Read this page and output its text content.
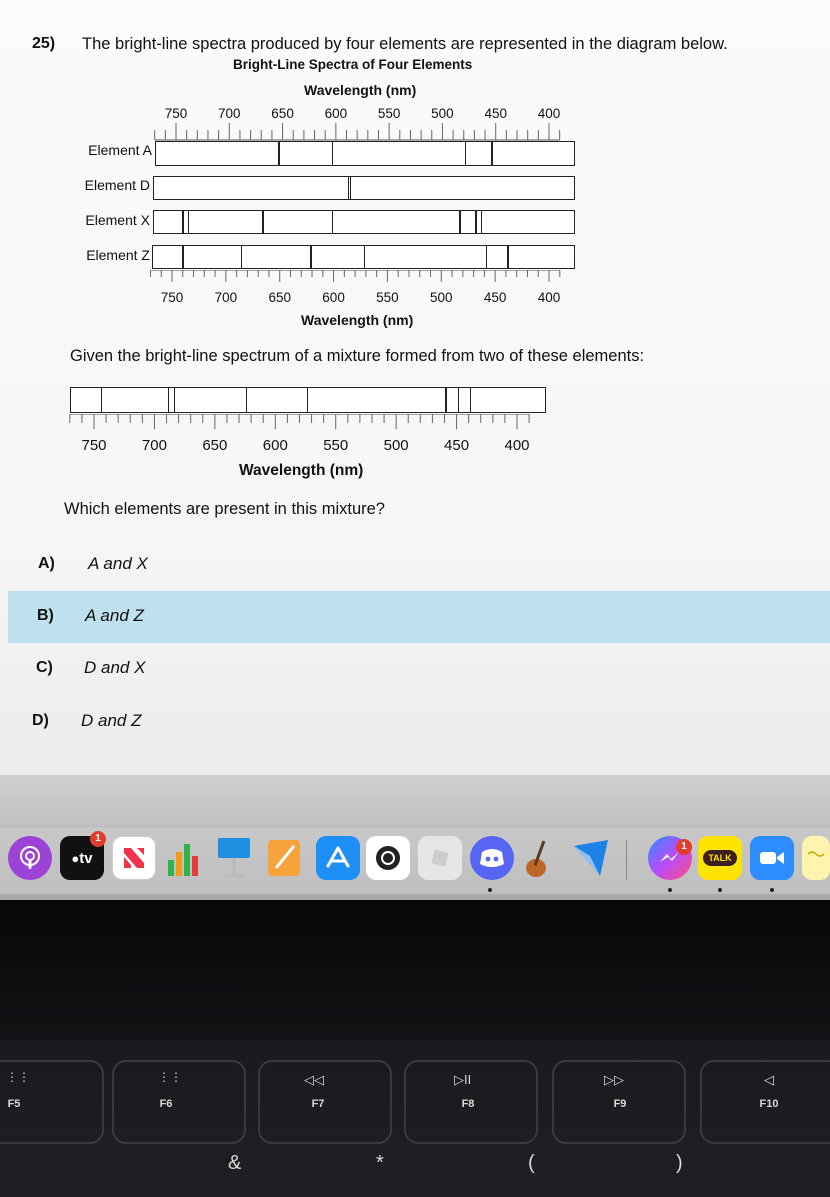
25) The bright-line spectra produced by four elements are represented in the diagram below.
Bright-Line Spectra of Four Elements
Wavelength (nm)
750 700 650 600 550 500 450 400
Element A
Element D
Element X
Element Z
750 700 650 600 550 500 450 400
Wavelength (nm)
Given the bright-line spectrum of a mixture formed from two of these elements:
750 700 650 600 550 500 450 400
Wavelength (nm)
Which elements are present in this mixture?
A) A and X
B) A and Z
C) D and X
D) D and Z
● tv
1
1
TALK
F5
⋮⋮
F6
⋮⋮
F7
◁◁
F8
▷II
F9
▷▷
F10
◁
&	*	(	)
